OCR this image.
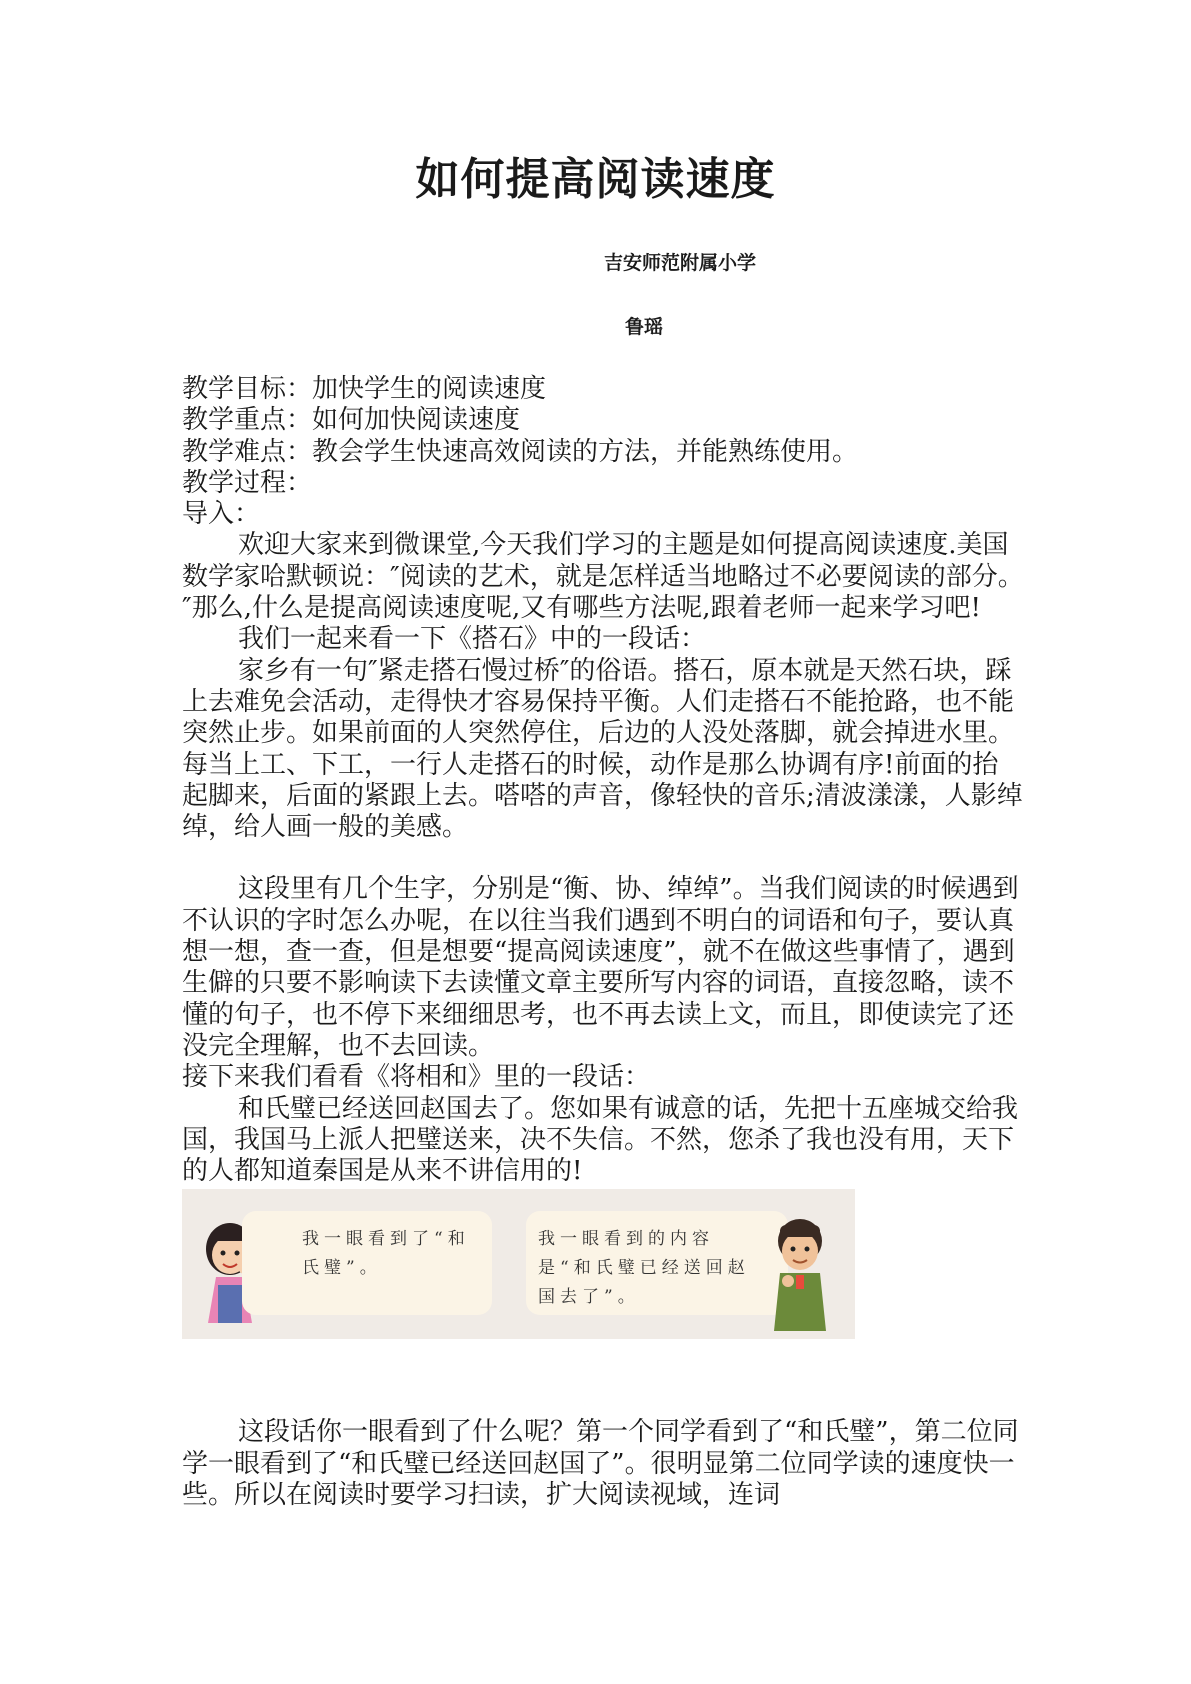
如何提高阅读速度
吉安师范附属小学
鲁瑶

教学目标：加快学生的阅读速度

教学重点：如何加快阅读速度

教学难点：教会学生快速高效阅读的方法，并能熟练使用。

教学过程：

导入：

欢迎大家来到微课堂,今天我们学习的主题是如何提高阅读速度.美国数学家哈默顿说：″阅读的艺术，就是怎样适当地略过不必要阅读的部分。″那么,什么是提高阅读速度呢,又有哪些方法呢,跟着老师一起来学习吧!

我们一起来看一下《搭石》中的一段话：

家乡有一句″紧走搭石慢过桥″的俗语。搭石，原本就是天然石块，踩上去难免会活动，走得快才容易保持平衡。人们走搭石不能抢路，也不能突然止步。如果前面的人突然停住，后边的人没处落脚，就会掉进水里。每当上工、下工，一行人走搭石的时候，动作是那么协调有序!前面的抬起脚来，后面的紧跟上去。嗒嗒的声音，像轻快的音乐;清波漾漾，人影绰绰，给人画一般的美感。

这段里有几个生字，分别是“衡、协、绰绰”。当我们阅读的时候遇到不认识的字时怎么办呢，在以往当我们遇到不明白的词语和句子，要认真想一想，查一查，但是想要“提高阅读速度”，就不在做这些事情了，遇到生僻的只要不影响读下去读懂文章主要所写内容的词语，直接忽略，读不懂的句子，也不停下来细细思考，也不再去读上文，而且，即使读完了还没完全理解，也不去回读。

接下来我们看看《将相和》里的一段话：

和氏璧已经送回赵国去了。您如果有诚意的话，先把十五座城交给我国，我国马上派人把璧送来，决不失信。不然，您杀了我也没有用，天下的人都知道秦国是从来不讲信用的!

我一眼看到了“和氏璧”。
我一眼看到的内容是“和氏璧已经送回赵国去了”。

这段话你一眼看到了什么呢？第一个同学看到了“和氏璧”，第二位同学一眼看到了“和氏璧已经送回赵国了”。很明显第二位同学读的速度快一些。所以在阅读时要学习扫读，扩大阅读视域，连词
